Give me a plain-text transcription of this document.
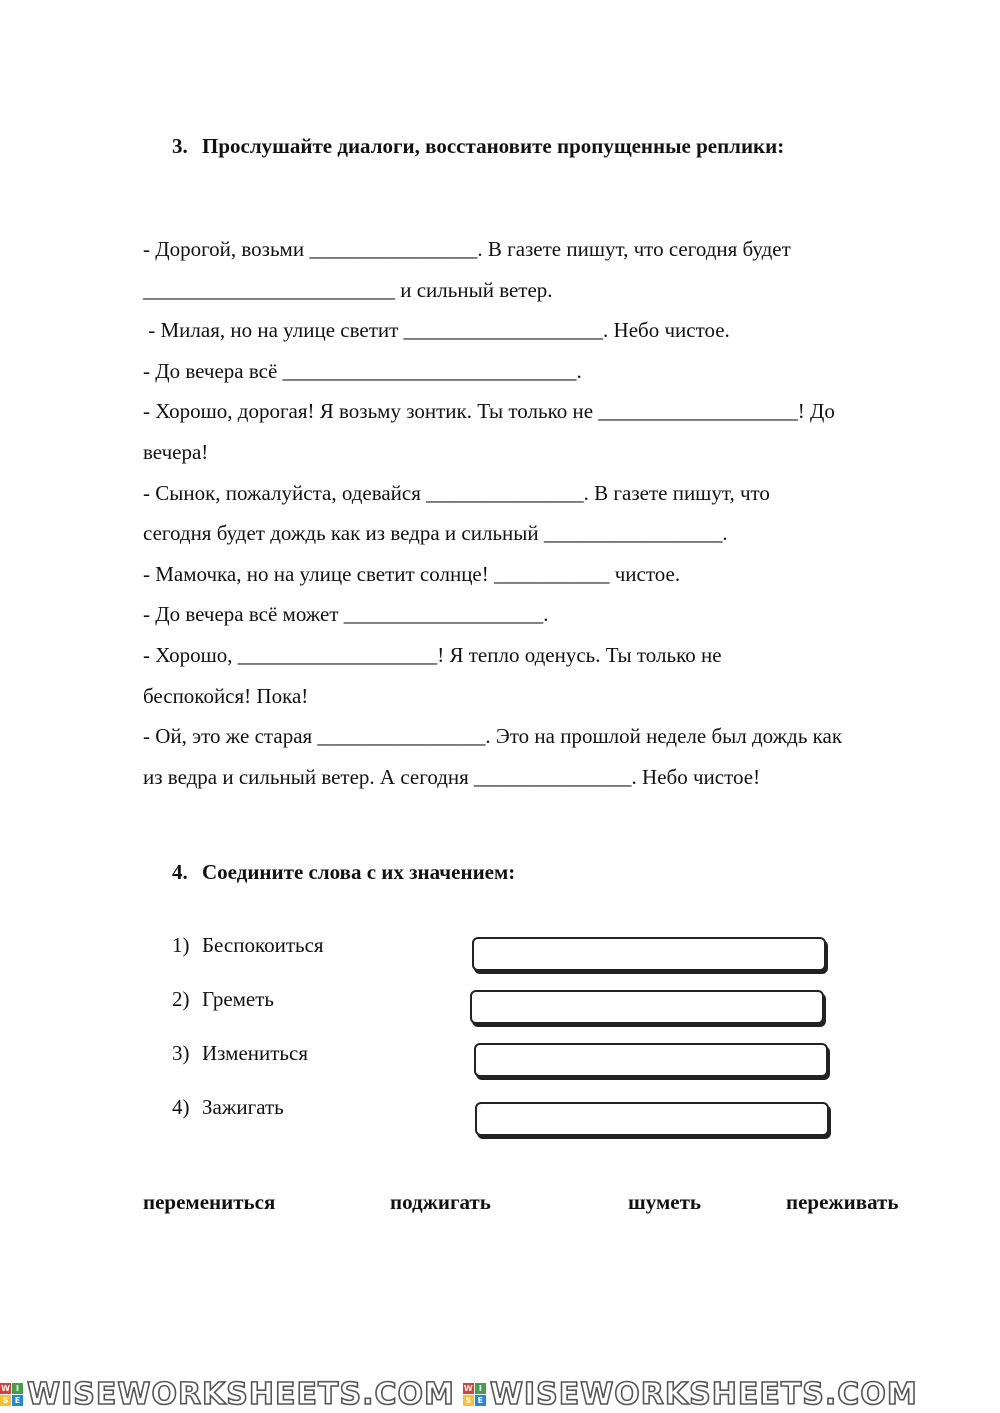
3. Прослушайте диалоги, восстановите пропущенные реплики:
- Дорогой, возьми ________________. В газете пишут, что сегодня будет
________________________ и сильный ветер.
- Милая, но на улице светит ___________________. Небо чистое.
- До вечера всё ____________________________.
- Хорошо, дорогая! Я возьму зонтик. Ты только не ___________________! До
вечера!
- Сынок, пожалуйста, одевайся _______________. В газете пишут, что
сегодня будет дождь как из ведра и сильный _________________.
- Мамочка, но на улице светит солнце! ___________ чистое.
- До вечера всё может ___________________.
- Хорошо, ___________________! Я тепло оденусь. Ты только не
беспокойся! Пока!
- Ой, это же старая ________________. Это на прошлой неделе был дождь как
из ведра и сильный ветер. А сегодня _______________. Небо чистое!
4. Соедините слова с их значением:
1) Беспокоиться
2) Греметь
3) Измениться
4) Зажигать
перемениться	поджигать	шуметь	переживать
W I
S E WISEWORKSHEETS.COM W I
S E WISEWORKSHEETS.COM
